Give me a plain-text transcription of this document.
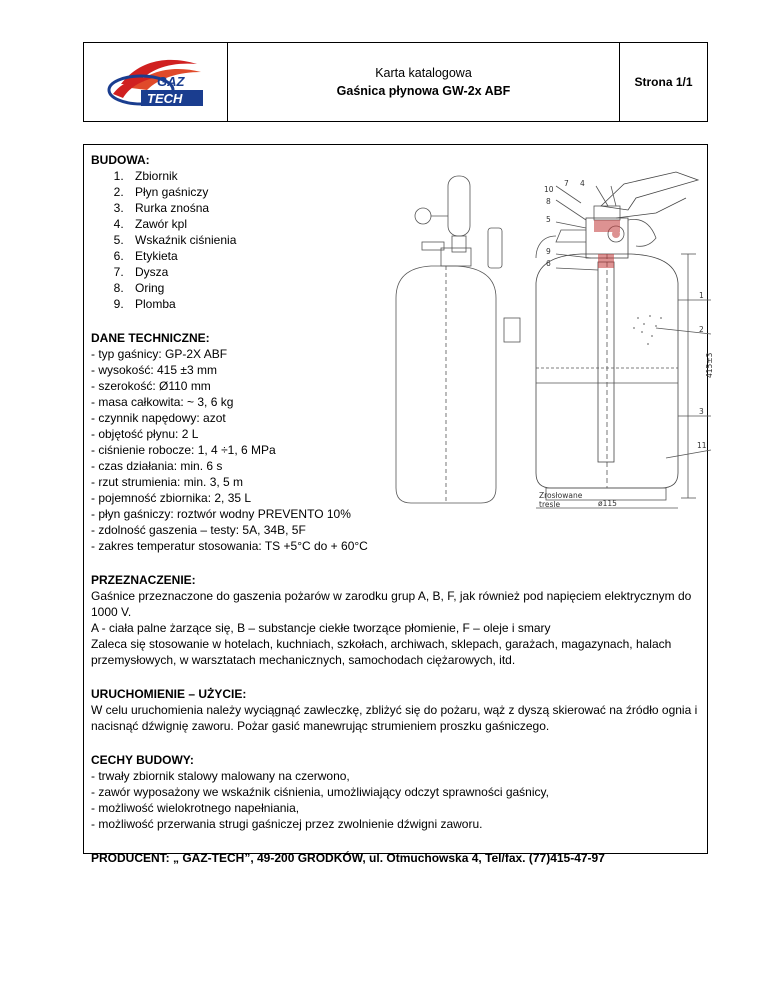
GAZ
TECH
Karta katalogowa
Gaśnica płynowa GW-2x ABF
Strona 1/1
BUDOWA:
1. Zbiornik
2. Płyn gaśniczy
3. Rurka znośna
4. Zawór kpl
5. Wskaźnik ciśnienia
6. Etykieta
7. Dysza
8. Oring
9. Plomba
DANE TECHNICZNE:
- typ gaśnicy: GP-2X ABF
- wysokość: 415 ±3 mm
- szerokość: Ø110 mm
- masa całkowita: ~ 3, 6 kg
- czynnik napędowy: azot
- objętość płynu: 2 L
- ciśnienie robocze: 1, 4 ÷1, 6 MPa
- czas działania: min. 6 s
- rzut strumienia: min. 3, 5 m
- pojemność zbiornika: 2, 35 L
- płyn gaśniczy: roztwór wodny PREVENTO 10%
- zdolność gaszenia – testy: 5A, 34B, 5F
- zakres temperatur stosowania: TS +5°C do + 60°C
PRZEZNACZENIE:
Gaśnice przeznaczone do gaszenia pożarów w zarodku grup A, B, F, jak również pod napięciem elektrycznym do 1000 V.
A - ciała palne żarzące się, B – substancje ciekłe tworzące płomienie, F – oleje i smary
Zaleca się stosowanie w hotelach, kuchniach, szkołach, archiwach, sklepach, garażach, magazynach, halach przemysłowych, w warsztatach mechanicznych, samochodach ciężarowych, itd.
URUCHOMIENIE – UŻYCIE:
W celu uruchomienia należy wyciągnąć zawleczkę, zbliżyć się do pożaru, wąż z dyszą skierować na źródło ognia i nacisnąć dźwignię zaworu. Pożar gasić manewrując strumieniem proszku gaśniczego.
CECHY BUDOWY:
- trwały zbiornik stalowy malowany na czerwono,
- zawór wyposażony we wskaźnik ciśnienia, umożliwiający odczyt sprawności gaśnicy,
- możliwość wielokrotnego napełniania,
- możliwość przerwania strugi gaśniczej przez zwolnienie dźwigni zaworu.
PRODUCENT: „ GAZ-TECH”, 49-200 GRODKÓW, ul. Otmuchowska 4, Tel/fax. (77)415-47-97
10
8
7 4
5
9
6
1
2
3
11
ø115
415±3
Zrosłowane
tresle
